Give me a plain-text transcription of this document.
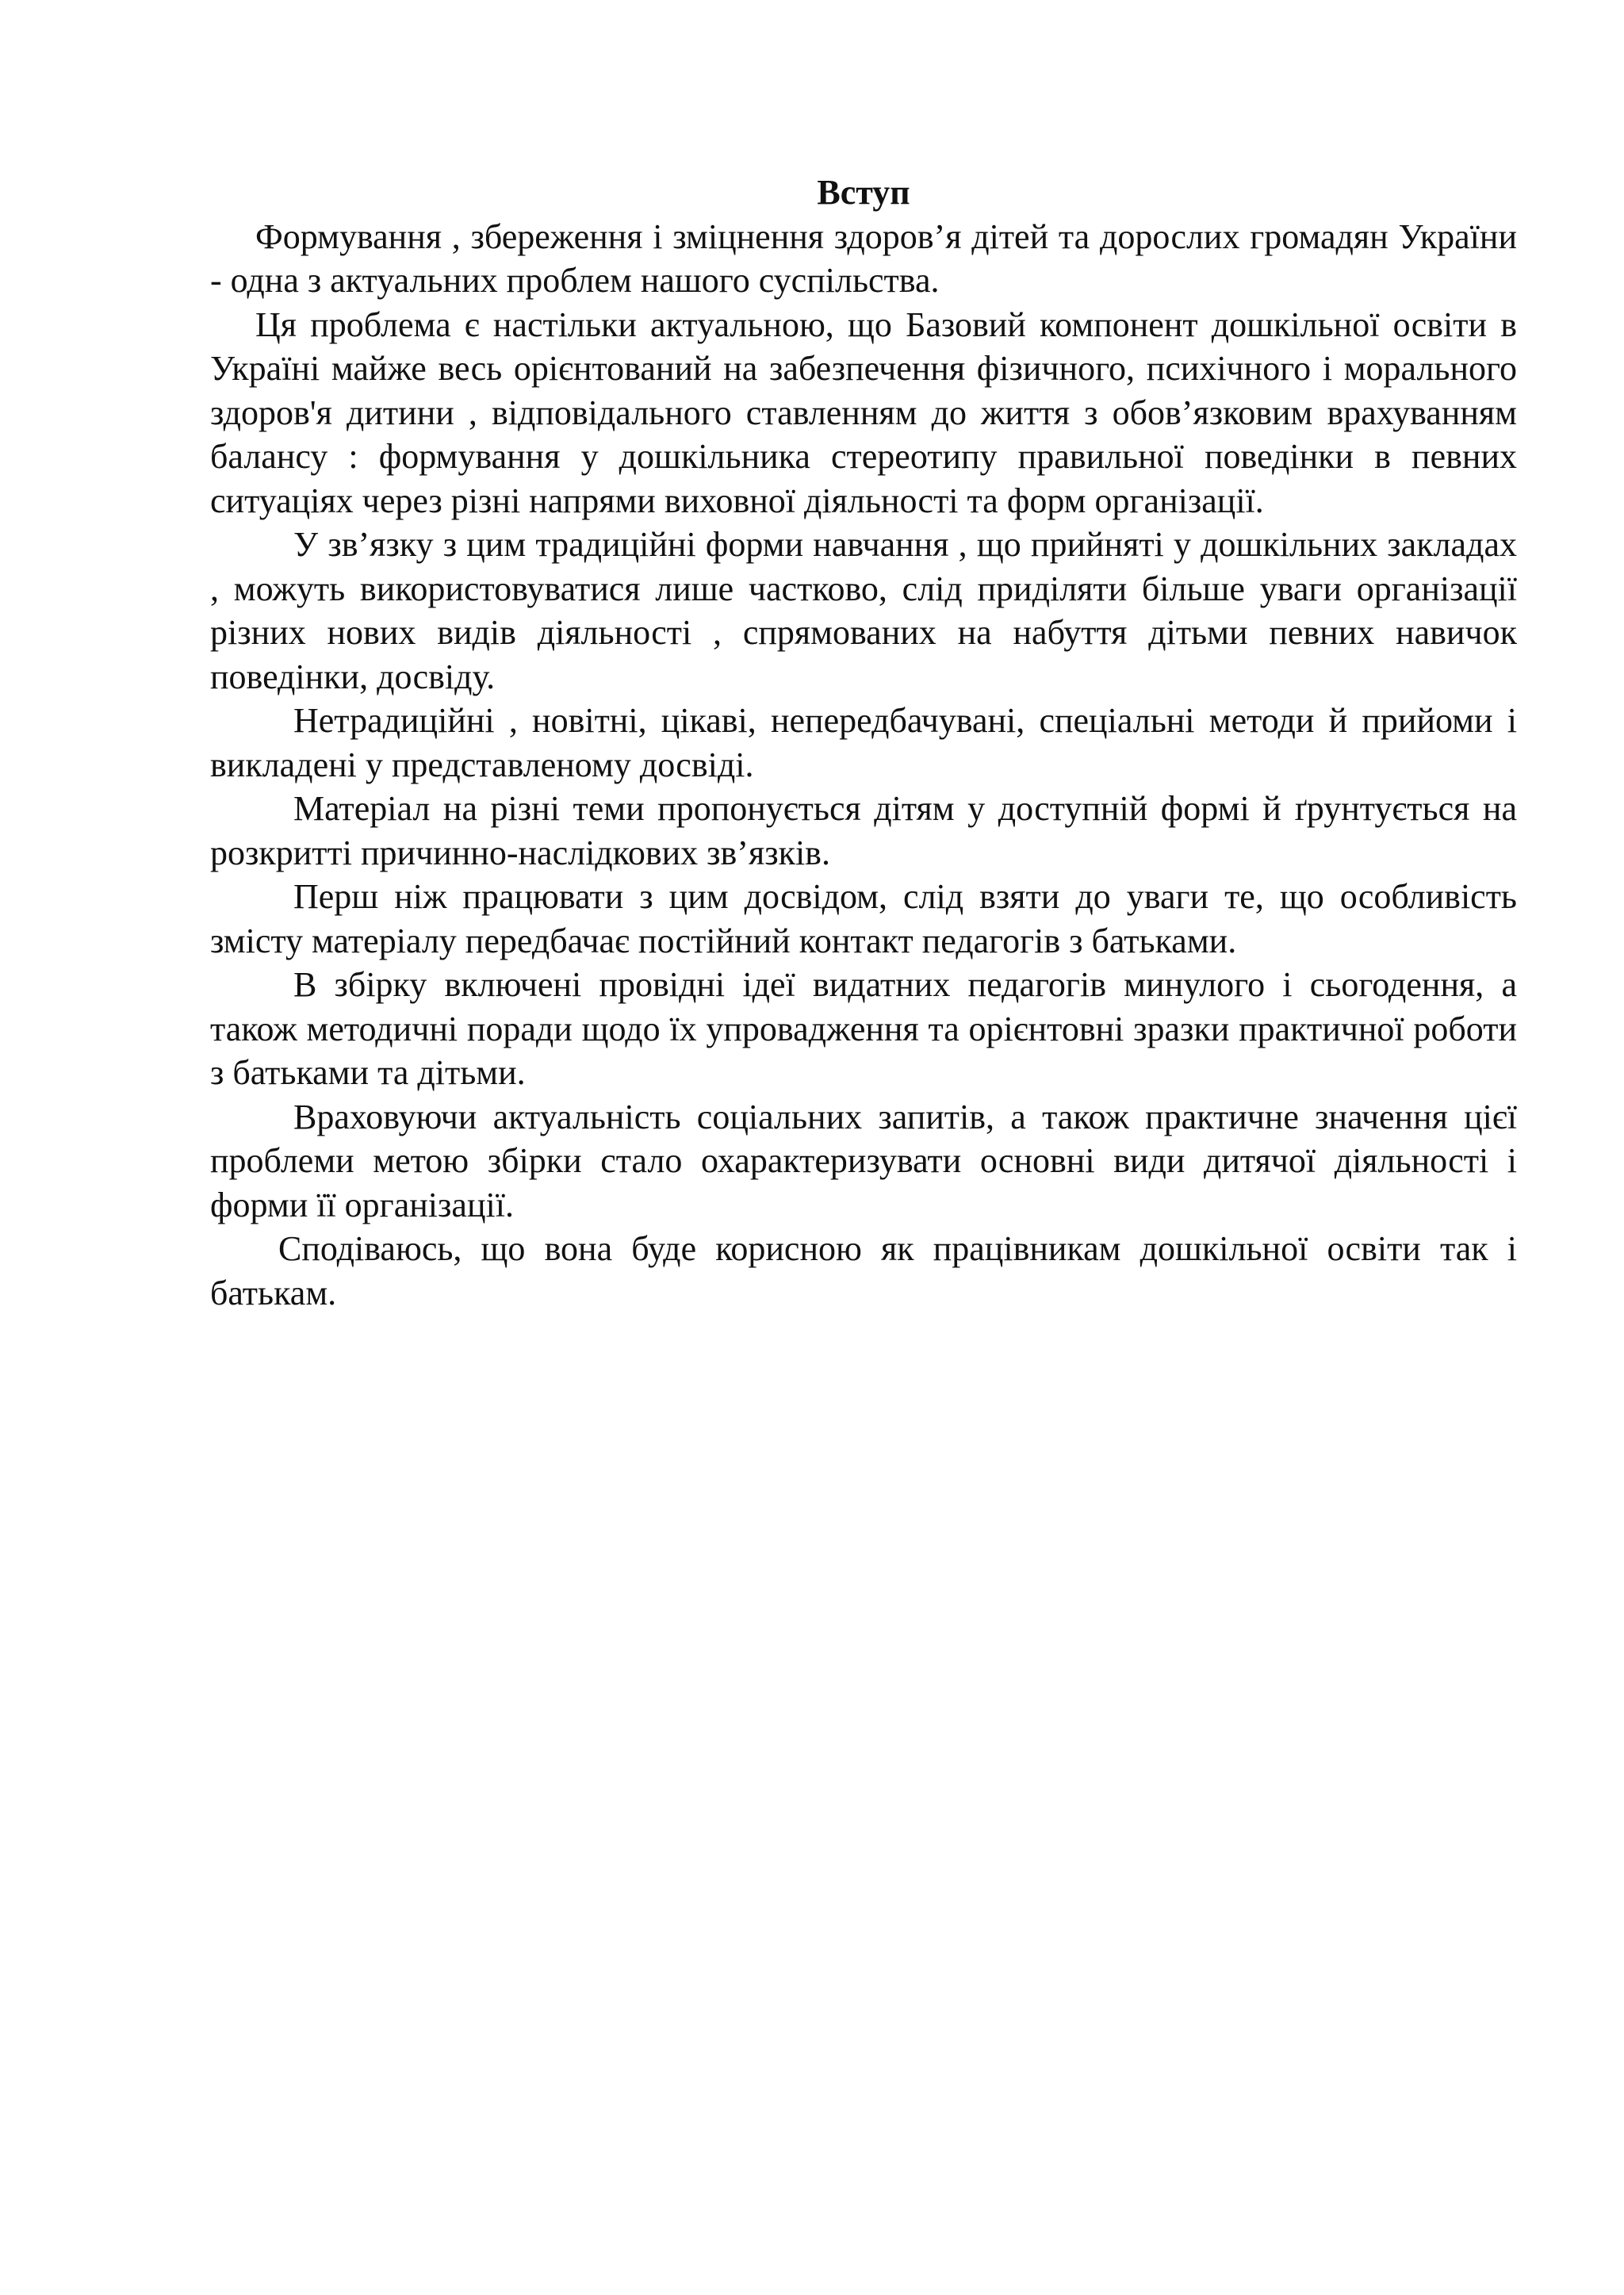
Вступ

Формування , збереження і зміцнення здоров’я дітей та дорослих громадян України - одна з актуальних проблем нашого суспільства.

Ця проблема є настільки актуальною, що Базовий компонент дошкільної освіти в Україні майже весь орієнтований на забезпечення фізичного, психічного і морального здоров'я дитини , відповідального ставленням до життя з обов’язковим врахуванням балансу : формування у дошкільника стереотипу правильної поведінки в певних ситуаціях через різні напрями виховної діяльності та форм організації.

У зв’язку з цим традиційні форми навчання , що прийняті у дошкільних закладах , можуть використовуватися лише частково, слід приділяти більше уваги організації різних нових видів діяльності , спрямованих на набуття дітьми певних навичок поведінки, досвіду.

Нетрадиційні , новітні, цікаві, непередбачувані, спеціальні методи й прийоми і викладені у представленому досвіді.

Матеріал на різні теми пропонується дітям у доступній формі й ґрунтується на розкритті причинно-наслідкових зв’язків.

Перш ніж працювати з цим досвідом, слід взяти до уваги те, що особливість змісту матеріалу передбачає постійний контакт педагогів з батьками.

В збірку включені провідні ідеї видатних педагогів минулого і сьогодення, а також методичні поради щодо їх упровадження та орієнтовні зразки практичної роботи з батьками та дітьми.

Враховуючи актуальність соціальних запитів, а також практичне значення цієї проблеми метою збірки стало охарактеризувати основні види дитячої діяльності і форми її організації.

Сподіваюсь, що вона буде корисною як працівникам дошкільної освіти так і батькам.
